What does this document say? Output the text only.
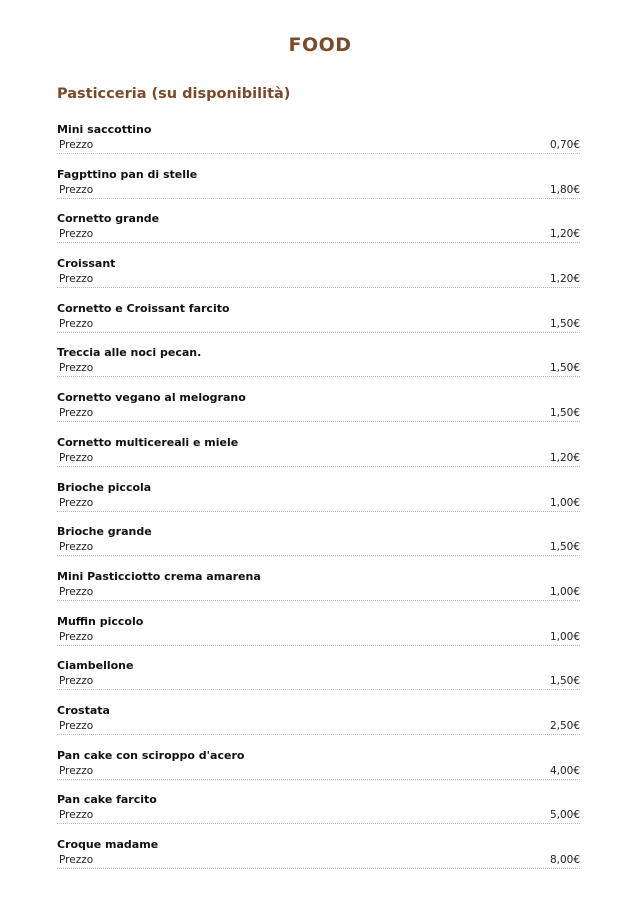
FOOD
Pasticceria (su disponibilità)
Mini saccottino
Prezzo	0,70€
Fagpttino pan di stelle
Prezzo	1,80€
Cornetto grande
Prezzo	1,20€
Croissant
Prezzo	1,20€
Cornetto e Croissant farcito
Prezzo	1,50€
Treccia alle noci pecan.
Prezzo	1,50€
Cornetto vegano al melograno
Prezzo	1,50€
Cornetto multicereali e miele
Prezzo	1,20€
Brioche piccola
Prezzo	1,00€
Brioche grande
Prezzo	1,50€
Mini Pasticciotto crema amarena
Prezzo	1,00€
Muffin piccolo
Prezzo	1,00€
Ciambellone
Prezzo	1,50€
Crostata
Prezzo	2,50€
Pan cake con sciroppo d'acero
Prezzo	4,00€
Pan cake farcito
Prezzo	5,00€
Croque madame
Prezzo	8,00€
